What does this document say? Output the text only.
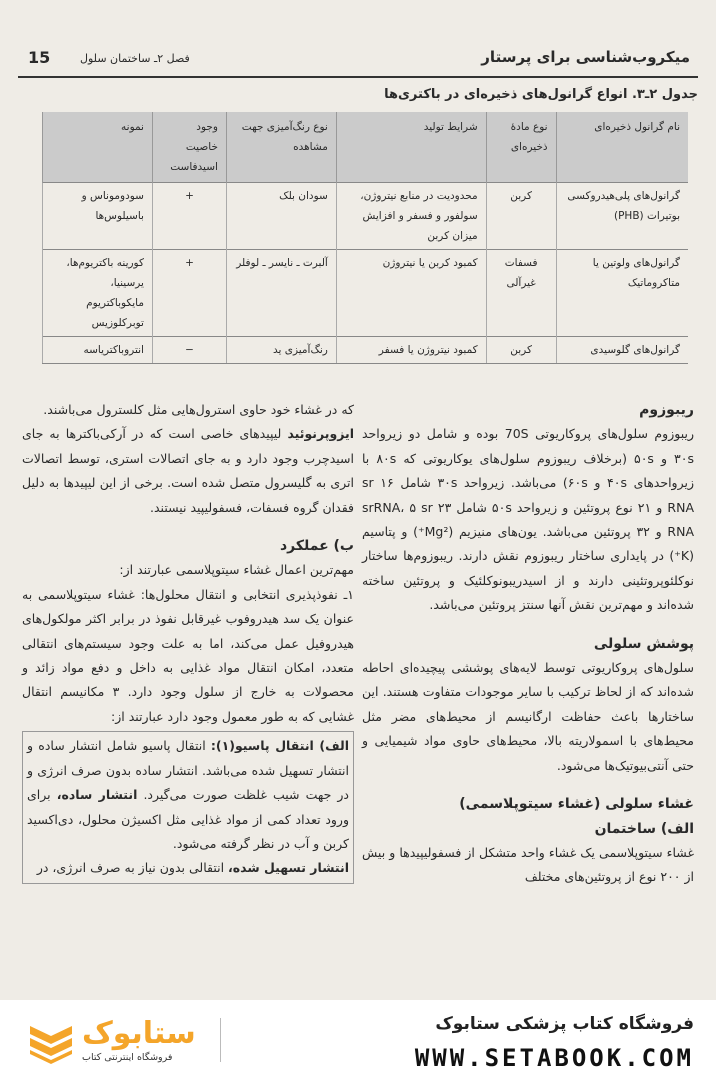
میکروب‌شناسی برای پرستار
فصل ۲ـ ساختمان سلول
15
جدول ۲ـ۳. انواع گرانول‌های ذخیره‌ای در باکتری‌ها
نام گرانول ذخیره‌ای	نوع مادهٔ ذخیره‌ای	شرایط تولید	نوع رنگ‌آمیزی جهت مشاهده	وجود خاصیت اسیدفاست	نمونه
گرانول‌های پلی‌هیدروکسی بوتیرات (PHB)	کربن	محدودیت در منابع نیتروژن، سولفور و فسفر و افزایش میزان کربن	سودان بلک	+	سودوموناس و باسیلوس‌ها
گرانول‌های ولوتین یا متاکروماتیک	فسفات غیرآلی	کمبود کربن یا نیتروژن	آلبرت ـ نایسر ـ لوفلر	+	کورینه باکتریوم‌ها، یرسینیا، مایکوباکتریوم توبرکلوزیس
گرانول‌های گلوسیدی	کربن	کمبود نیتروژن یا فسفر	رنگ‌آمیزی ید	−	انتروباکتریاسه

ریبوزوم

ریبوزوم سلول‌های پروکاریوتی 70S بوده و شامل دو زیرواحد ۳۰s و ۵۰s (برخلاف ریبوزوم سلول‌های یوکاریوتی که ۸۰s با زیرواحدهای ۴۰s و ۶۰s) می‌باشد. زیرواحد ۳۰s شامل ۱۶ sr RNA و ۲۱ نوع پروتئین و زیرواحد ۵۰s شامل ۲۳ srRNA، ۵ sr RNA و ۳۲ پروتئین می‌باشد. یون‌های منیزیم (Mg²⁺) و پتاسیم (K⁺) در پایداری ساختار ریبوزوم نقش دارند. ریبوزوم‌ها ساختار نوکلئوپروتئینی دارند و از اسیدریبونوکلئیک و پروتئین ساخته شده‌اند و مهم‌ترین نقش آنها سنتز پروتئین می‌باشد.

پوشش سلولی

سلول‌های پروکاریوتی توسط لایه‌های پوششی پیچیده‌ای احاطه شده‌اند که از لحاظ ترکیب با سایر موجودات متفاوت هستند. این ساختارها باعث حفاظت ارگانیسم از محیط‌های مضر مثل محیط‌های با اسمولاریته بالا، محیط‌های حاوی مواد شیمیایی و حتی آنتی‌بیوتیک‌ها می‌شود.

غشاء سلولی (غشاء سیتوپلاسمی)

الف) ساختمان

غشاء سیتوپلاسمی یک غشاء واحد متشکل از فسفولیپیدها و بیش از ۲۰۰ نوع از پروتئین‌های مختلف

که در غشاء خود حاوی استرول‌هایی مثل کلسترول می‌باشند.

ایزوپرنوئید لیپیدهای خاصی است که در آرکی‌باکترها به جای اسیدچرب وجود دارد و به جای اتصالات استری، توسط اتصالات اتری به گلیسرول متصل شده است. برخی از این لیپیدها به دلیل فقدان گروه فسفات، فسفولیپید نیستند.

ب) عملکرد

مهم‌ترین اعمال غشاء سیتوپلاسمی عبارتند از:

۱ـ نفوذپذیری انتخابی و انتقال محلول‌ها: غشاء سیتوپلاسمی به عنوان یک سد هیدروفوب غیرقابل نفوذ در برابر اکثر مولکول‌های هیدروفیل عمل می‌کند، اما به علت وجود سیستم‌های انتقالی متعدد، امکان انتقال مواد غذایی به داخل و دفع مواد زائد و محصولات به خارج از سلول وجود دارد. ۳ مکانیسم انتقال غشایی که به طور معمول وجود دارد عبارتند از:

الف) انتقال پاسیو(۱): انتقال پاسیو شامل انتشار ساده و انتشار تسهیل شده می‌باشد. انتشار ساده بدون صرف انرژی و در جهت شیب غلظت صورت می‌گیرد. انتشار ساده، برای ورود تعداد کمی از مواد غذایی مثل اکسیژن محلول، دی‌اکسید کربن و آب در نظر گرفته می‌شود.

انتشار تسهیل شده، انتقالی بدون نیاز به صرف انرژی، در

ستابوک
فروشگاه اینترنتی کتاب
فروشگاه کتاب پزشکی ستابوک
WWW.SETABOOK.COM
